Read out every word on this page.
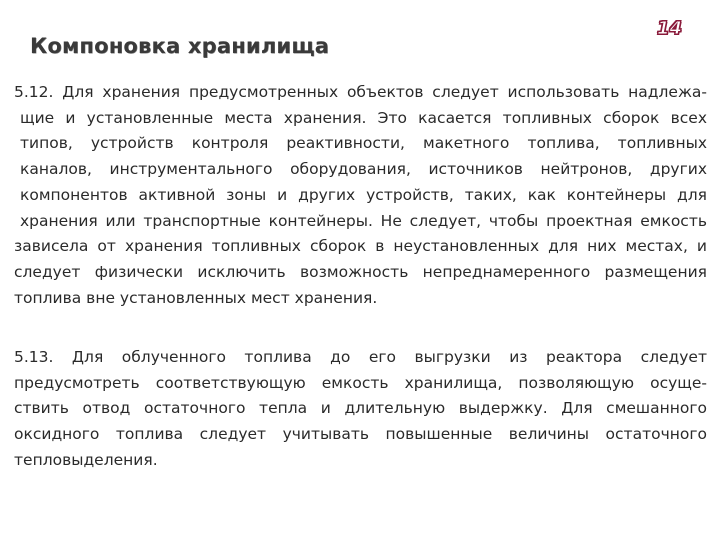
14
Компоновка хранилища
5.12. Для хранения предусмотренных объектов следует использовать надлежа-
щие и установленные места хранения. Это касается топливных сборок всех
типов, устройств контроля реактивности, макетного топлива, топливных
каналов, инструментального оборудования, источников нейтронов, других
компонентов активной зоны и других устройств, таких, как контейнеры для
хранения или транспортные контейнеры. Не следует, чтобы проектная емкость
зависела от хранения топливных сборок в неустановленных для них местах, и
следует физически исключить возможность непреднамеренного размещения
топлива вне установленных мест хранения.
5.13. Для облученного топлива до его выгрузки из реактора следует
предусмотреть соответствующую емкость хранилища, позволяющую осуще-
ствить отвод остаточного тепла и длительную выдержку. Для смешанного
оксидного топлива следует учитывать повышенные величины остаточного
тепловыделения.
